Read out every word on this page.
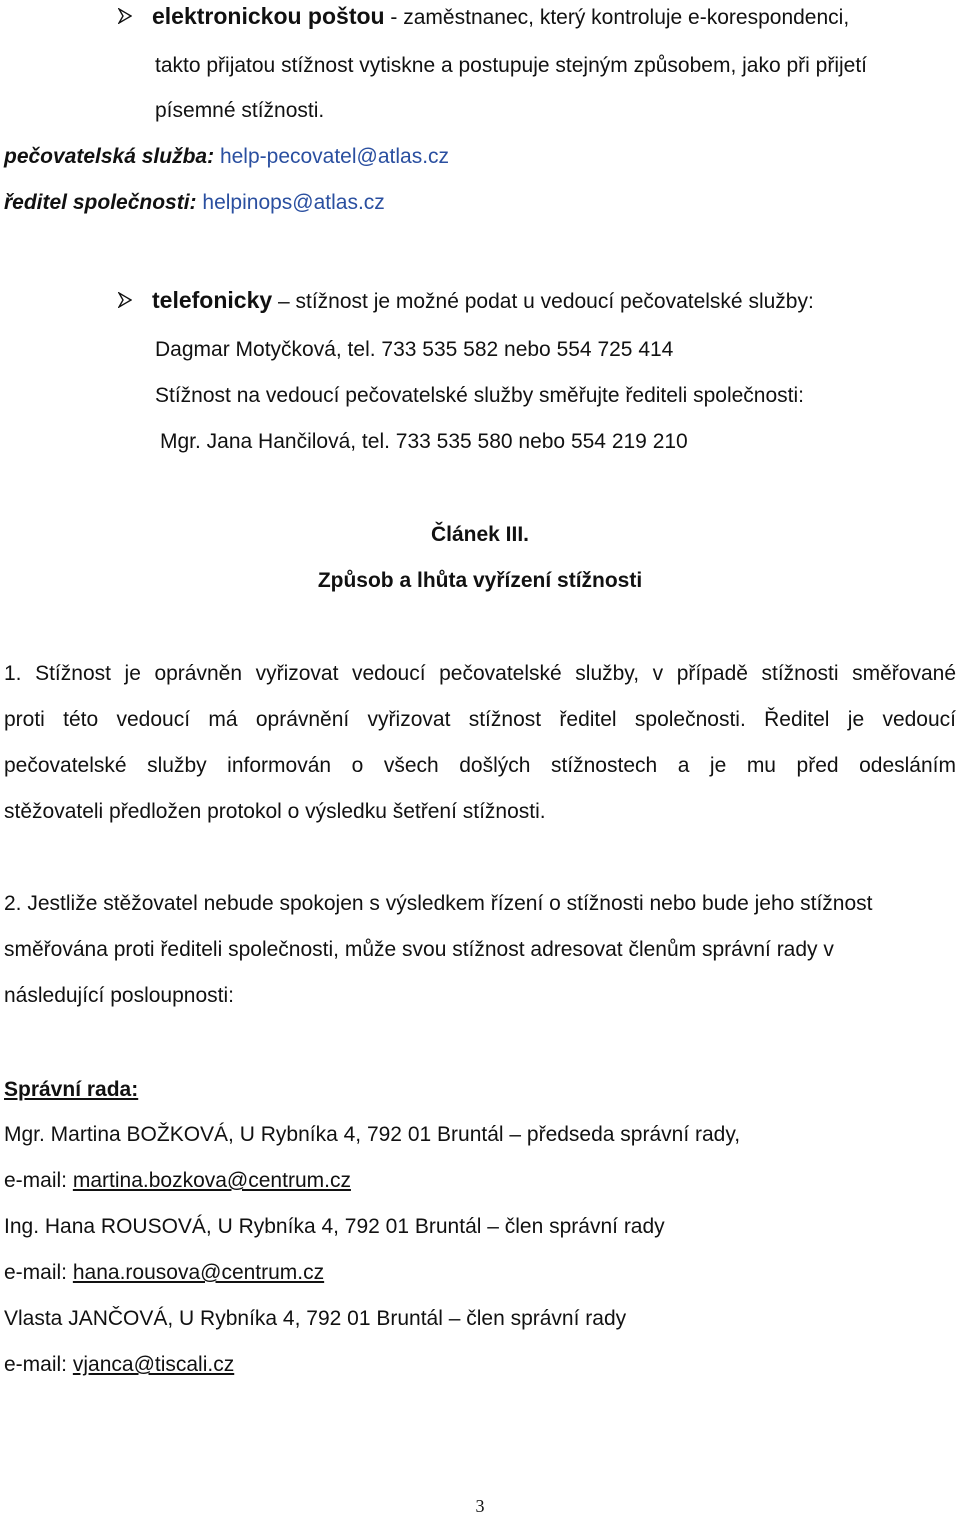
elektronickou poštou - zaměstnanec, který kontroluje e-korespondenci,
takto přijatou stížnost vytiskne a postupuje stejným způsobem, jako při přijetí
písemné stížnosti.
pečovatelská služba: help-pecovatel@atlas.cz
ředitel společnosti: helpinops@atlas.cz
telefonicky – stížnost je možné podat u vedoucí pečovatelské služby:
Dagmar Motyčková, tel. 733 535 582 nebo 554 725 414
Stížnost na vedoucí pečovatelské služby směřujte řediteli společnosti:
Mgr. Jana Hančilová, tel. 733 535 580 nebo 554 219 210
Článek III.
Způsob a lhůta vyřízení stížnosti
1. Stížnost je oprávněn vyřizovat vedoucí pečovatelské služby, v případě stížnosti směřované
proti této vedoucí má oprávnění vyřizovat stížnost ředitel společnosti. Ředitel je vedoucí
pečovatelské služby informován o všech došlých stížnostech a je mu před odesláním
stěžovateli předložen protokol o výsledku šetření stížnosti.
2. Jestliže stěžovatel nebude spokojen s výsledkem řízení o stížnosti nebo bude jeho stížnost
směřována proti řediteli společnosti, může svou stížnost adresovat členům správní rady v
následující posloupnosti:
Správní rada:
Mgr. Martina BOŽKOVÁ, U Rybníka 4, 792 01 Bruntál – předseda správní rady,
e-mail: martina.bozkova@centrum.cz
Ing. Hana ROUSOVÁ, U Rybníka 4, 792 01 Bruntál – člen správní rady
e-mail: hana.rousova@centrum.cz
Vlasta JANČOVÁ, U Rybníka 4, 792 01 Bruntál – člen správní rady
e-mail: vjanca@tiscali.cz
3
